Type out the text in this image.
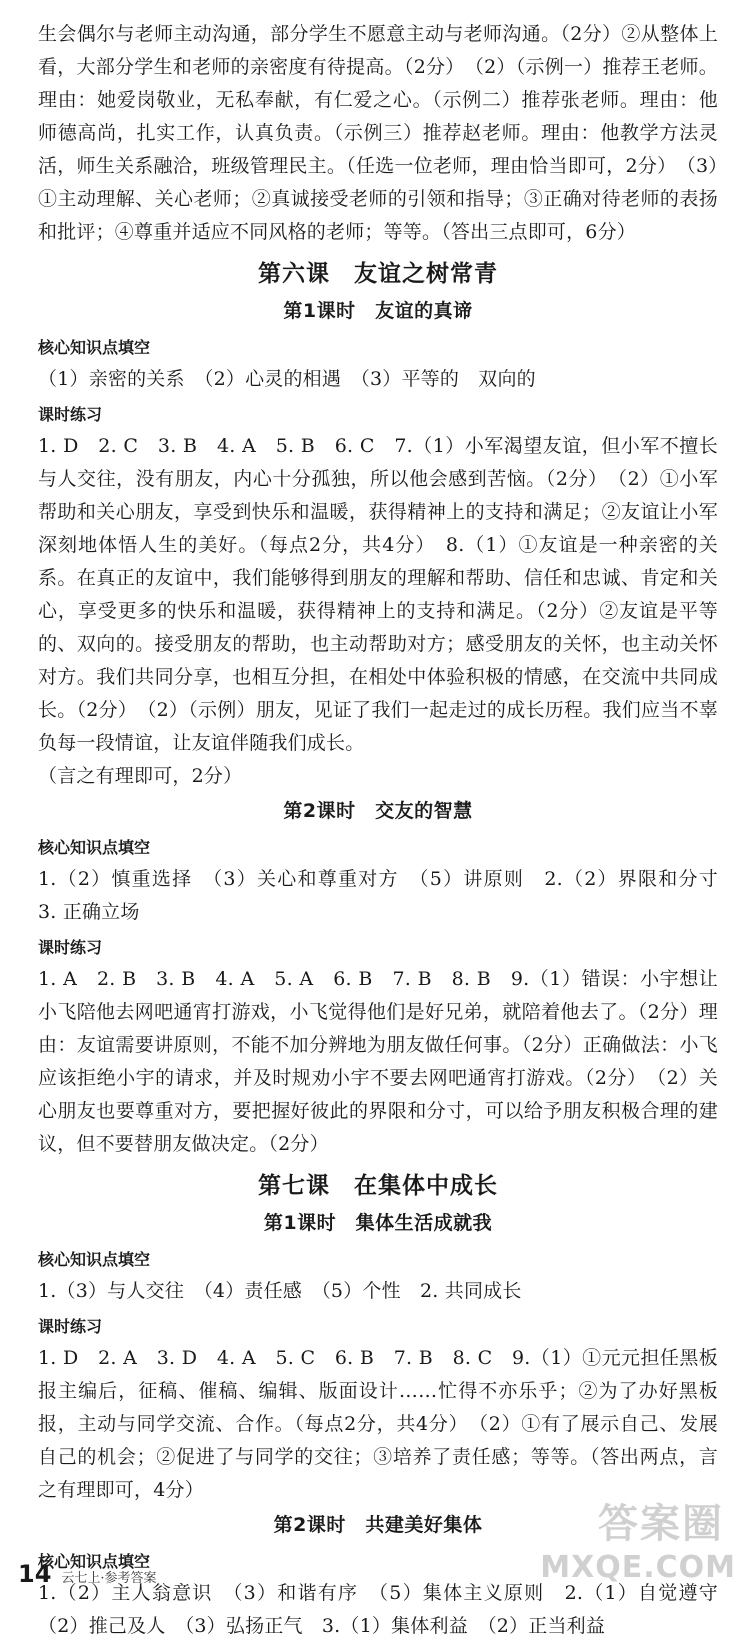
生会偶尔与老师主动沟通，部分学生不愿意主动与老师沟通。（2分）②从整体上看，大部分学生和老师的亲密度有待提高。（2分）　（2）（示例一）推荐王老师。理由：她爱岗敬业，无私奉献，有仁爱之心。（示例二）推荐张老师。理由：他师德高尚，扎实工作，认真负责。（示例三）推荐赵老师。理由：他教学方法灵活，师生关系融洽，班级管理民主。（任选一位老师，理由恰当即可，2分）　（3）①主动理解、关心老师；②真诚接受老师的引领和指导；③正确对待老师的表扬和批评；④尊重并适应不同风格的老师；等等。（答出三点即可，6分）

第六课　友谊之树常青
第1课时　友谊的真谛
核心知识点填空

（1）亲密的关系　（2）心灵的相遇　（3）平等的　双向的

课时练习

1. D　2. C　3. B　4. A　5. B　6. C　7.（1）小军渴望友谊，但小军不擅长与人交往，没有朋友，内心十分孤独，所以他会感到苦恼。（2分）　（2）①小军帮助和关心朋友，享受到快乐和温暖，获得精神上的支持和满足；②友谊让小军深刻地体悟人生的美好。（每点2分，共4分）　8.（1）①友谊是一种亲密的关系。在真正的友谊中，我们能够得到朋友的理解和帮助、信任和忠诚、肯定和关心，享受更多的快乐和温暖，获得精神上的支持和满足。（2分）②友谊是平等的、双向的。接受朋友的帮助，也主动帮助对方；感受朋友的关怀，也主动关怀对方。我们共同分享，也相互分担，在相处中体验积极的情感，在交流中共同成长。（2分）　（2）（示例）朋友，见证了我们一起走过的成长历程。我们应当不辜负每一段情谊，让友谊伴随我们成长。

（言之有理即可，2分）

第2课时　交友的智慧
核心知识点填空

1.（2）慎重选择　（3）关心和尊重对方　（5）讲原则　2.（2）界限和分寸　3. 正确立场

课时练习

1. A　2. B　3. B　4. A　5. A　6. B　7. B　8. B　9.（1）错误：小宇想让小飞陪他去网吧通宵打游戏，小飞觉得他们是好兄弟，就陪着他去了。（2分）理由：友谊需要讲原则，不能不加分辨地为朋友做任何事。（2分）正确做法：小飞应该拒绝小宇的请求，并及时规劝小宇不要去网吧通宵打游戏。（2分）　（2）关心朋友也要尊重对方，要把握好彼此的界限和分寸，可以给予朋友积极合理的建议，但不要替朋友做决定。（2分）

第七课　在集体中成长
第1课时　集体生活成就我
核心知识点填空

1.（3）与人交往　（4）责任感　（5）个性　2. 共同成长

课时练习

1. D　2. A　3. D　4. A　5. C　6. B　7. B　8. C　9.（1）①元元担任黑板报主编后，征稿、催稿、编辑、版面设计……忙得不亦乐乎；②为了办好黑板报，主动与同学交流、合作。（每点2分，共4分）　（2）①有了展示自己、发展自己的机会；②促进了与同学的交往；③培养了责任感；等等。（答出两点，言之有理即可，4分）

第2课时　共建美好集体
核心知识点填空

1.（2）主人翁意识　（3）和谐有序　（5）集体主义原则　2.（1）自觉遵守　（2）推己及人　（3）弘扬正气　3.（1）集体利益　（2）正当利益

答案圈
MXQE.COM
14 云七上·参考答案
